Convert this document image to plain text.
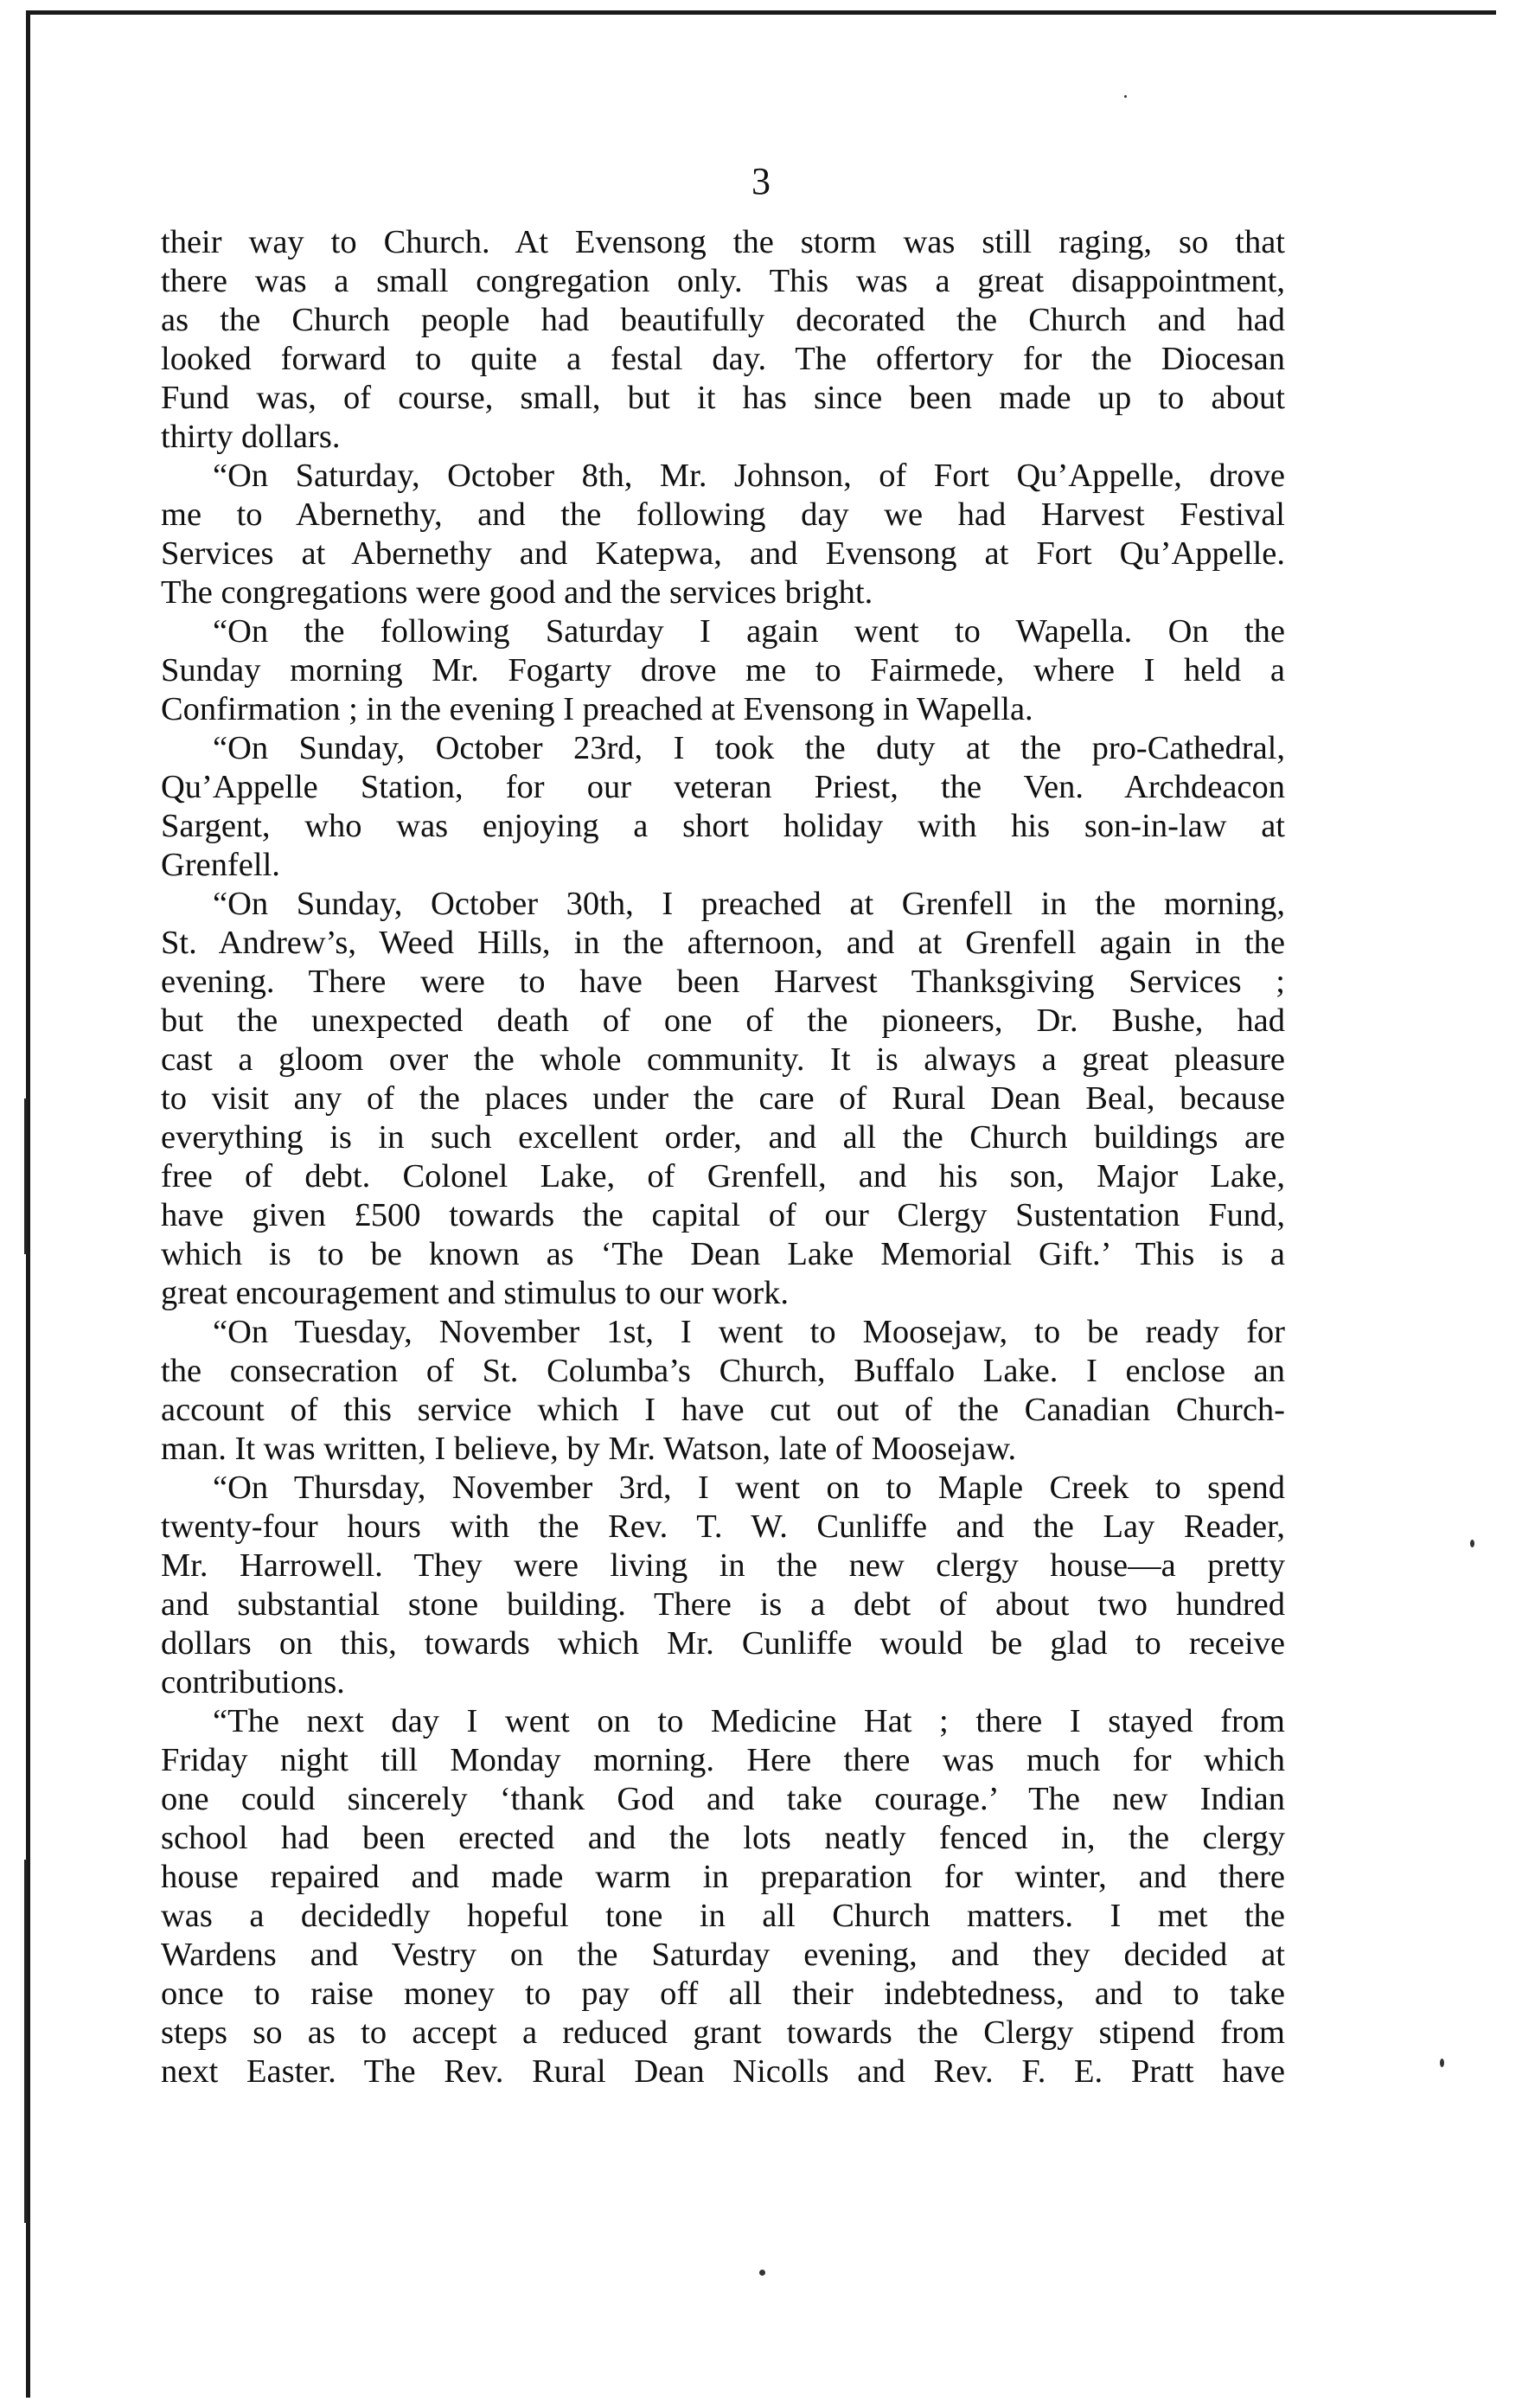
3
their way to Church. At Evensong the storm was still raging, so that
there was a small congregation only. This was a great disappointment,
as the Church people had beautifully decorated the Church and had
looked forward to quite a festal day. The offertory for the Diocesan
Fund was, of course, small, but it has since been made up to about
thirty dollars.
“On Saturday, October 8th, Mr. Johnson, of Fort Qu’Appelle, drove
me to Abernethy, and the following day we had Harvest Festival
Services at Abernethy and Katepwa, and Evensong at Fort Qu’Appelle.
The congregations were good and the services bright.
“On the following Saturday I again went to Wapella. On the
Sunday morning Mr. Fogarty drove me to Fairmede, where I held a
Confirmation ; in the evening I preached at Evensong in Wapella.
“On Sunday, October 23rd, I took the duty at the pro-Cathedral,
Qu’Appelle Station, for our veteran Priest, the Ven. Archdeacon
Sargent, who was enjoying a short holiday with his son-in-law at
Grenfell.
“On Sunday, October 30th, I preached at Grenfell in the morning,
St. Andrew’s, Weed Hills, in the afternoon, and at Grenfell again in the
evening. There were to have been Harvest Thanksgiving Services ;
but the unexpected death of one of the pioneers, Dr. Bushe, had
cast a gloom over the whole community. It is always a great pleasure
to visit any of the places under the care of Rural Dean Beal, because
everything is in such excellent order, and all the Church buildings are
free of debt. Colonel Lake, of Grenfell, and his son, Major Lake,
have given £500 towards the capital of our Clergy Sustentation Fund,
which is to be known as ‘The Dean Lake Memorial Gift.’ This is a
great encouragement and stimulus to our work.
“On Tuesday, November 1st, I went to Moosejaw, to be ready for
the consecration of St. Columba’s Church, Buffalo Lake. I enclose an
account of this service which I have cut out of the Canadian Church-
man. It was written, I believe, by Mr. Watson, late of Moosejaw.
“On Thursday, November 3rd, I went on to Maple Creek to spend
twenty-four hours with the Rev. T. W. Cunliffe and the Lay Reader,
Mr. Harrowell. They were living in the new clergy house—a pretty
and substantial stone building. There is a debt of about two hundred
dollars on this, towards which Mr. Cunliffe would be glad to receive
contributions.
“The next day I went on to Medicine Hat ; there I stayed from
Friday night till Monday morning. Here there was much for which
one could sincerely ‘thank God and take courage.’ The new Indian
school had been erected and the lots neatly fenced in, the clergy
house repaired and made warm in preparation for winter, and there
was a decidedly hopeful tone in all Church matters. I met the
Wardens and Vestry on the Saturday evening, and they decided at
once to raise money to pay off all their indebtedness, and to take
steps so as to accept a reduced grant towards the Clergy stipend from
next Easter. The Rev. Rural Dean Nicolls and Rev. F. E. Pratt have
